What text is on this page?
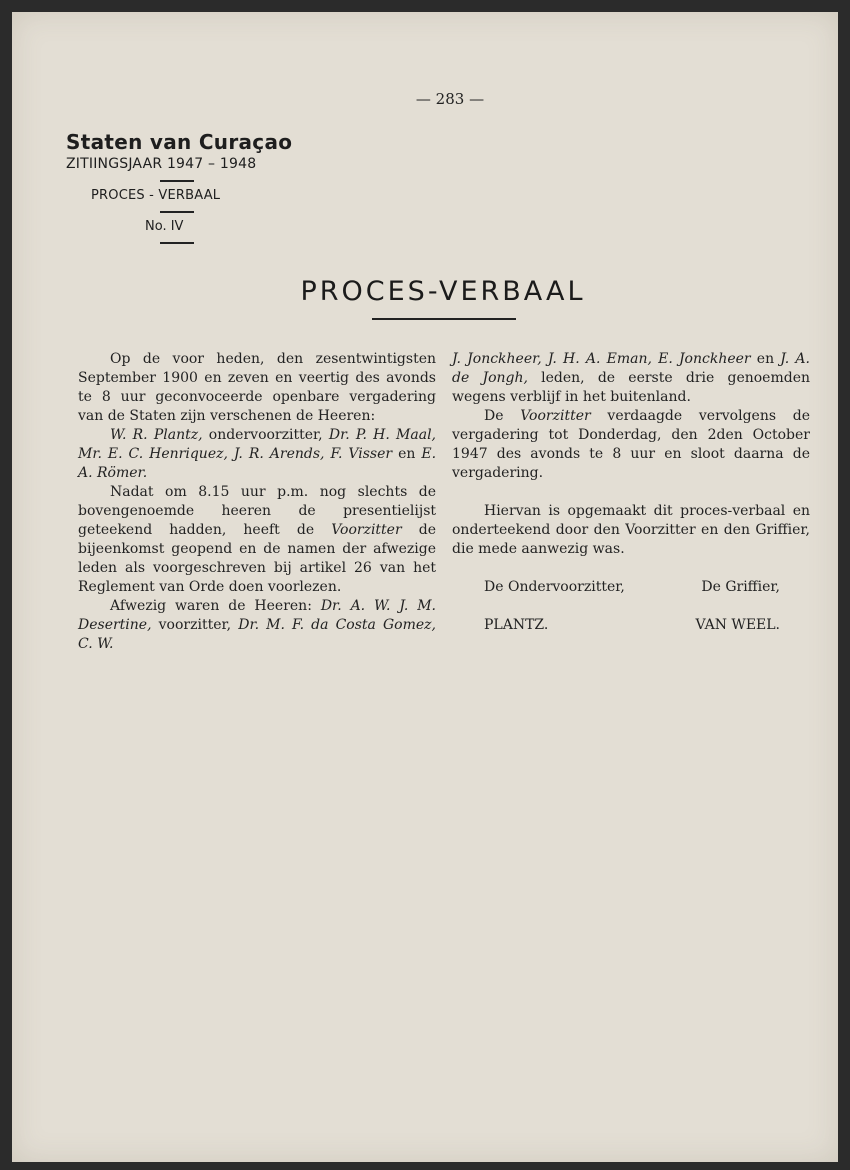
— 283 —
Staten van Curaçao
ZITIINGSJAAR 1947 – 1948
PROCES - VERBAAL
No. IV
PROCES-VERBAAL

Op de voor heden, den zesentwintigsten September 1900 en zeven en veertig des avonds te 8 uur geconvoceerde openbare vergadering van de Staten zijn verschenen de Heeren:

W. R. Plantz, ondervoorzitter, Dr. P. H. Maal, Mr. E. C. Henriquez, J. R. Arends, F. Visser en E. A. Römer.

Nadat om 8.15 uur p.m. nog slechts de bovengenoemde heeren de presentielijst geteekend hadden, heeft de Voorzitter de bijeenkomst geopend en de namen der afwezige leden als voorgeschreven bij artikel 26 van het Reglement van Orde doen voorlezen.

Afwezig waren de Heeren: Dr. A. W. J. M. Desertine, voorzitter, Dr. M. F. da Costa Gomez, C. W.

J. Jonckheer, J. H. A. Eman, E. Jonckheer en J. A. de Jongh, leden, de eerste drie genoemden wegens verblijf in het buitenland.

De Voorzitter verdaagde vervolgens de vergadering tot Donderdag, den 2den October 1947 des avonds te 8 uur en sloot daarna de vergadering.

Hiervan is opgemaakt dit proces-verbaal en onderteekend door den Voorzitter en den Griffier, die mede aanwezig was.

De Ondervoorzitter,	De Griffier,
PLANTZ.	VAN WEEL.
